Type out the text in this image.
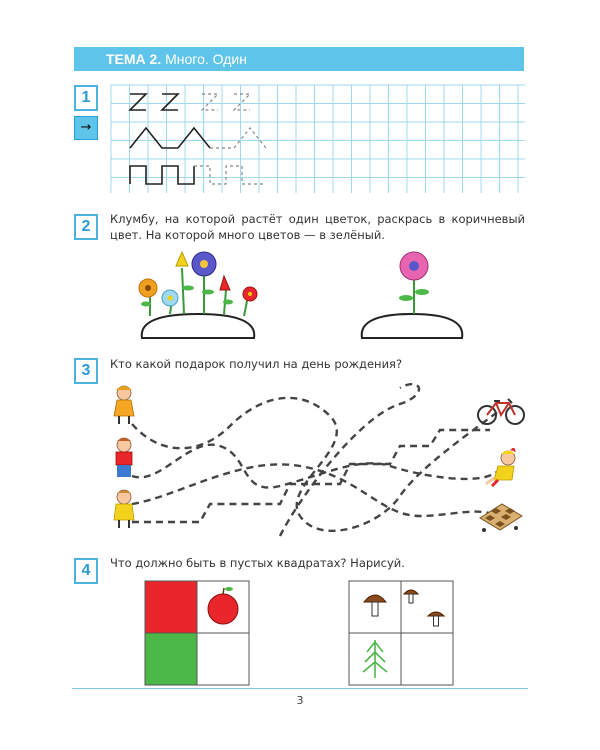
ТЕМА 2. Много. Один
1
→
2	Клумбу, на которой растёт один цветок, раскрась в коричневый цвет. На которой много цветов — в зелёный.
3	Кто какой подарок получил на день рождения?
4	Что должно быть в пустых квадратах? Нарисуй.
3
